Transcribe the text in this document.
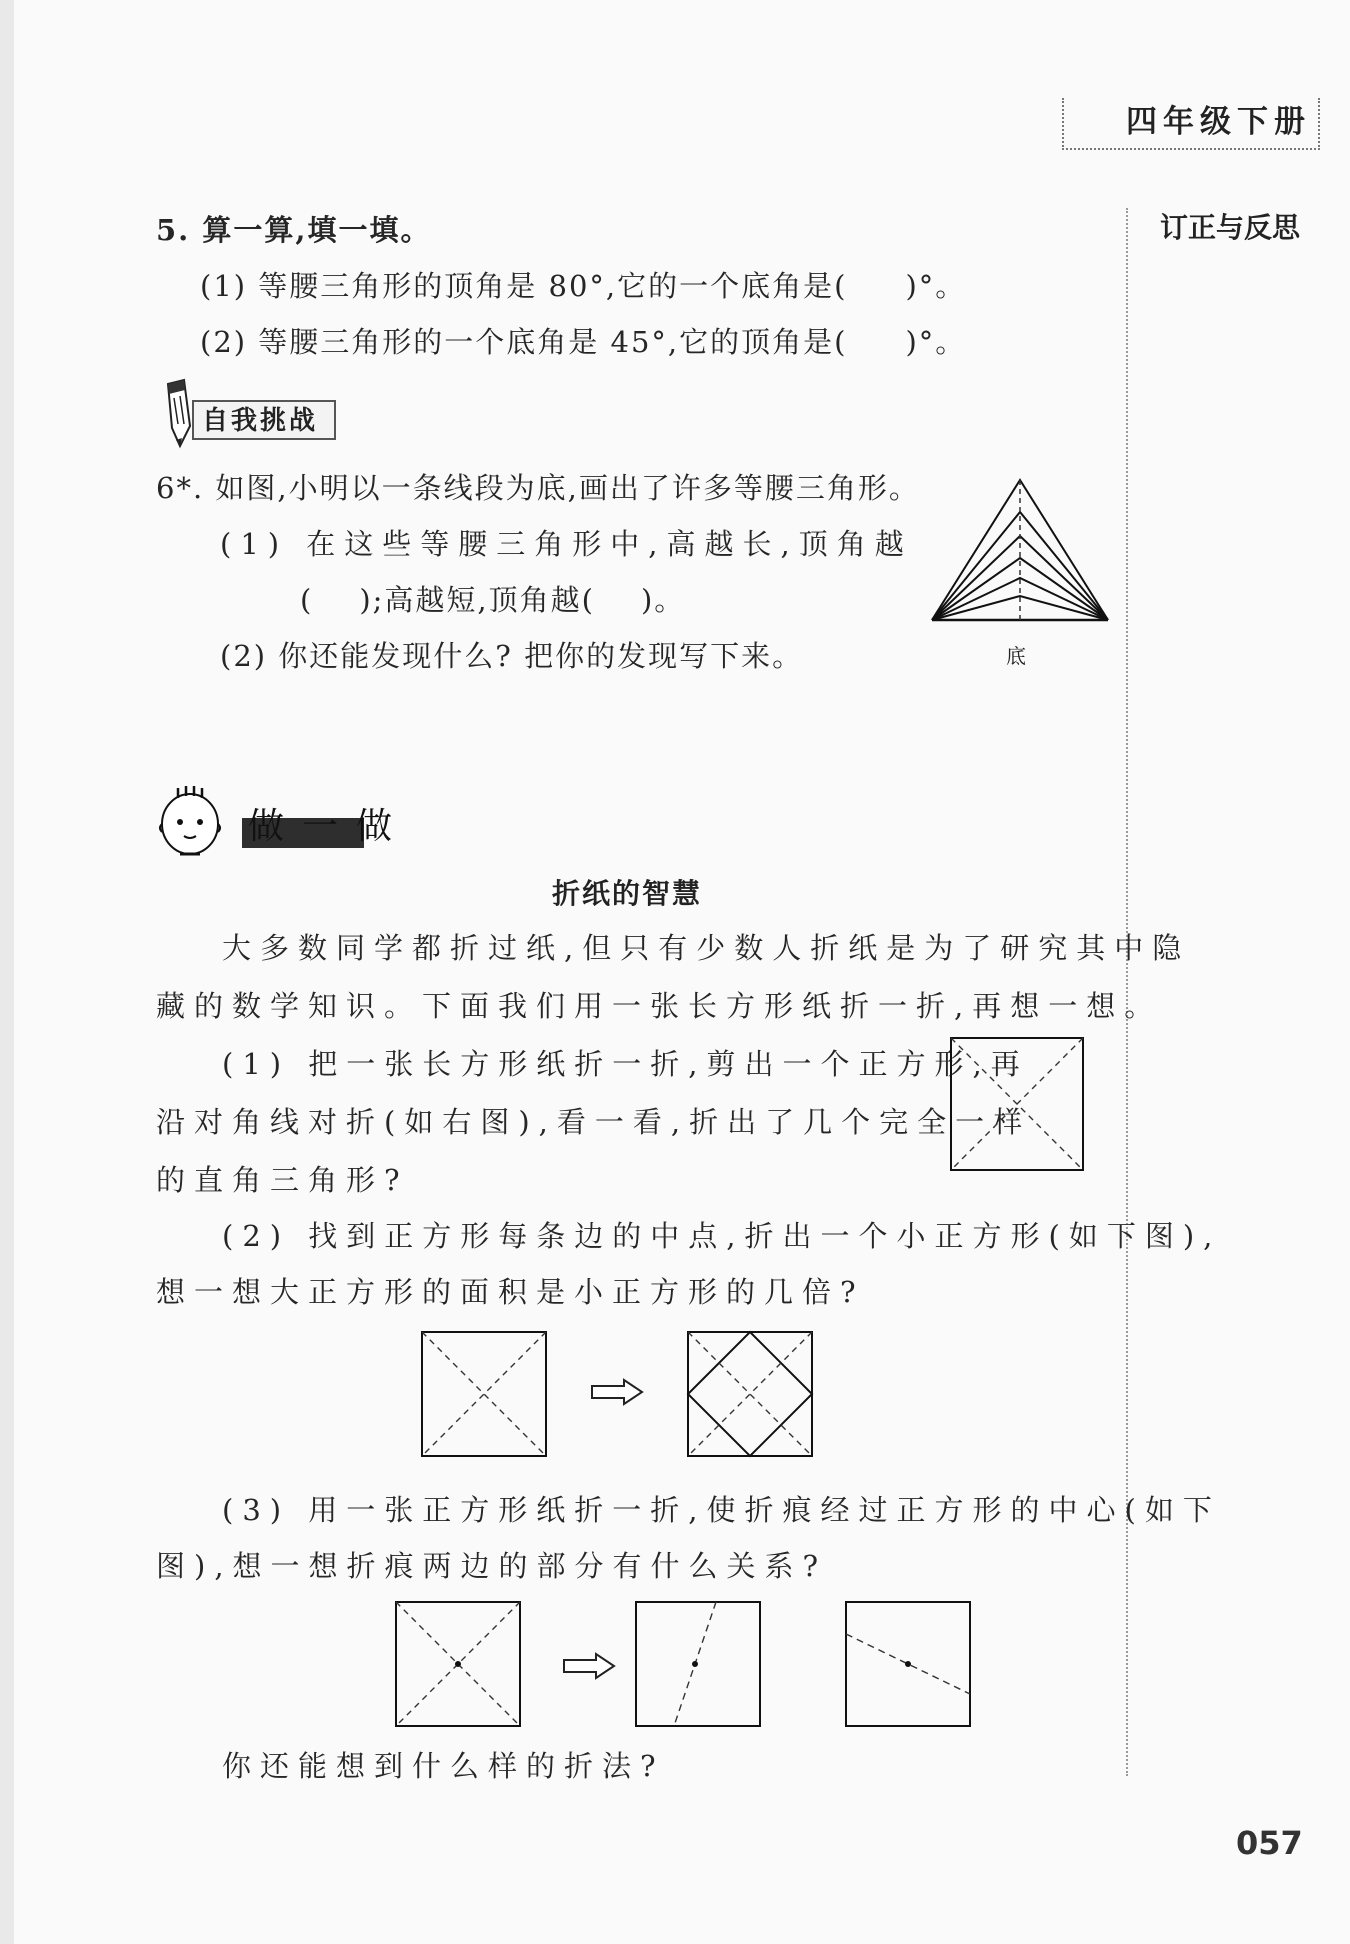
四年级下册
订正与反思
5. 算一算,填一填。
(1) 等腰三角形的顶角是 80°,它的一个底角是( )°。
(2) 等腰三角形的一个底角是 45°,它的顶角是( )°。
自我挑战
6*. 如图,小明以一条线段为底,画出了许多等腰三角形。
(1) 在这些等腰三角形中,高越长,顶角越
( );高越短,顶角越( )。
(2) 你还能发现什么? 把你的发现写下来。	底
做一做
折纸的智慧
大多数同学都折过纸,但只有少数人折纸是为了研究其中隐
藏的数学知识。下面我们用一张长方形纸折一折,再想一想。
(1) 把一张长方形纸折一折,剪出一个正方形,再
沿对角线对折(如右图),看一看,折出了几个完全一样
的直角三角形?
(2) 找到正方形每条边的中点,折出一个小正方形(如下图),
想一想大正方形的面积是小正方形的几倍?
(3) 用一张正方形纸折一折,使折痕经过正方形的中心(如下
图),想一想折痕两边的部分有什么关系?
你还能想到什么样的折法?
057
